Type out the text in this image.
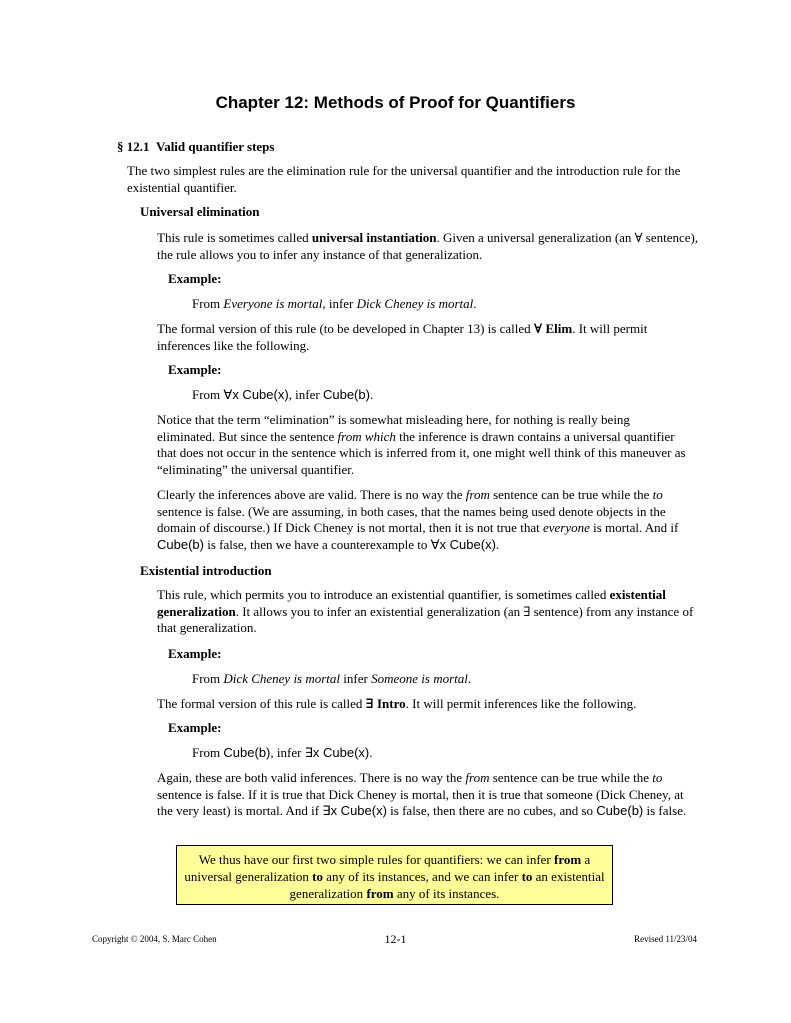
Chapter 12: Methods of Proof for Quantifiers
§ 12.1 Valid quantifier steps
The two simplest rules are the elimination rule for the universal quantifier and the introduction rule for the existential quantifier.
Universal elimination
This rule is sometimes called universal instantiation. Given a universal generalization (an ∀ sentence), the rule allows you to infer any instance of that generalization.
Example:
From Everyone is mortal, infer Dick Cheney is mortal.
The formal version of this rule (to be developed in Chapter 13) is called ∀ Elim. It will permit inferences like the following.
Example:
From ∀x Cube(x), infer Cube(b).
Notice that the term “elimination” is somewhat misleading here, for nothing is really being eliminated. But since the sentence from which the inference is drawn contains a universal quantifier that does not occur in the sentence which is inferred from it, one might well think of this maneuver as “eliminating” the universal quantifier.
Clearly the inferences above are valid. There is no way the from sentence can be true while the to sentence is false. (We are assuming, in both cases, that the names being used denote objects in the domain of discourse.) If Dick Cheney is not mortal, then it is not true that everyone is mortal. And if Cube(b) is false, then we have a counterexample to ∀x Cube(x).
Existential introduction
This rule, which permits you to introduce an existential quantifier, is sometimes called existential generalization. It allows you to infer an existential generalization (an ∃ sentence) from any instance of that generalization.
Example:
From Dick Cheney is mortal infer Someone is mortal.
The formal version of this rule is called ∃ Intro. It will permit inferences like the following.
Example:
From Cube(b), infer ∃x Cube(x).
Again, these are both valid inferences. There is no way the from sentence can be true while the to sentence is false. If it is true that Dick Cheney is mortal, then it is true that someone (Dick Cheney, at the very least) is mortal. And if ∃x Cube(x) is false, then there are no cubes, and so Cube(b) is false.
We thus have our first two simple rules for quantifiers: we can infer from a universal generalization to any of its instances, and we can infer to an existential generalization from any of its instances.
Copyright © 2004, S. Marc Cohen	12-1	Revised 11/23/04
